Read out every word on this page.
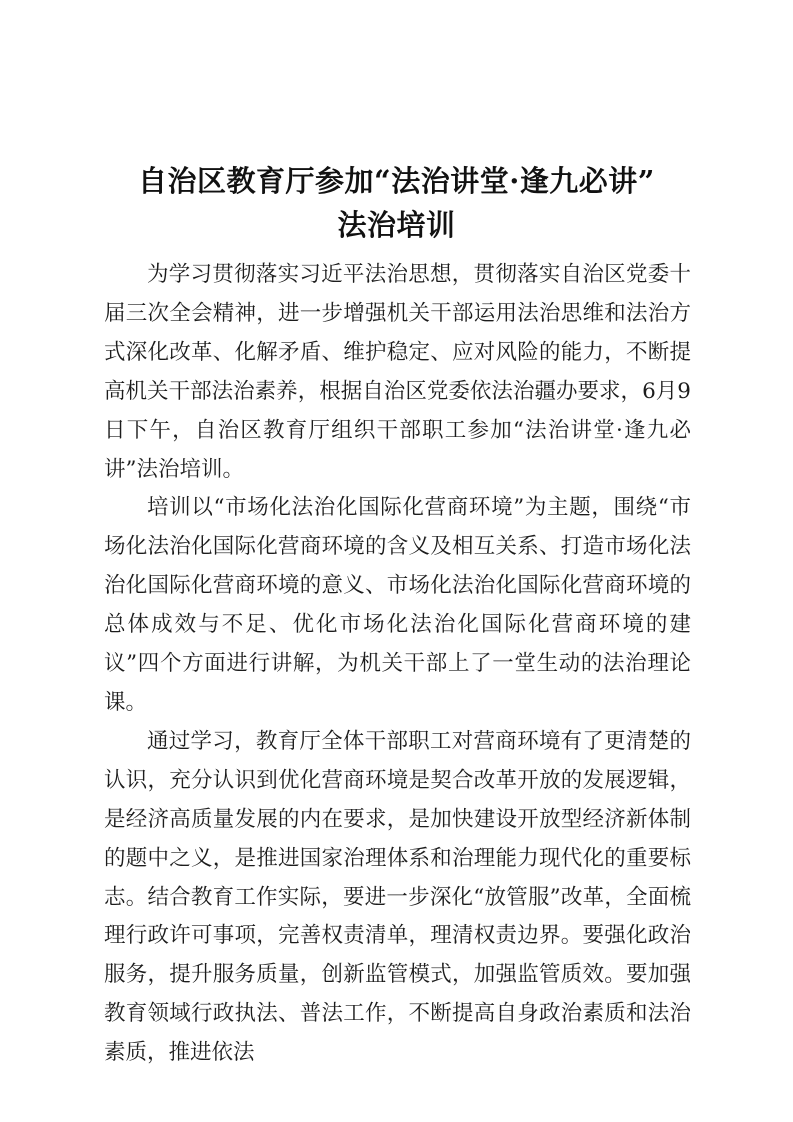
自治区教育厅参加“法治讲堂·逢九必讲”
法治培训

为学习贯彻落实习近平法治思想，贯彻落实自治区党委十届三次全会精神，进一步增强机关干部运用法治思维和法治方式深化改革、化解矛盾、维护稳定、应对风险的能力，不断提高机关干部法治素养，根据自治区党委依法治疆办要求，6月9日下午，自治区教育厅组织干部职工参加“法治讲堂·逢九必讲”法治培训。

培训以“市场化法治化国际化营商环境”为主题，围绕“市场化法治化国际化营商环境的含义及相互关系、打造市场化法治化国际化营商环境的意义、市场化法治化国际化营商环境的总体成效与不足、优化市场化法治化国际化营商环境的建议”四个方面进行讲解，为机关干部上了一堂生动的法治理论课。

通过学习，教育厅全体干部职工对营商环境有了更清楚的认识，充分认识到优化营商环境是契合改革开放的发展逻辑，是经济高质量发展的内在要求，是加快建设开放型经济新体制的题中之义，是推进国家治理体系和治理能力现代化的重要标志。结合教育工作实际，要进一步深化“放管服”改革，全面梳理行政许可事项，完善权责清单，理清权责边界。要强化政治服务，提升服务质量，创新监管模式，加强监管质效。要加强教育领域行政执法、普法工作，不断提高自身政治素质和法治素质，推进依法
